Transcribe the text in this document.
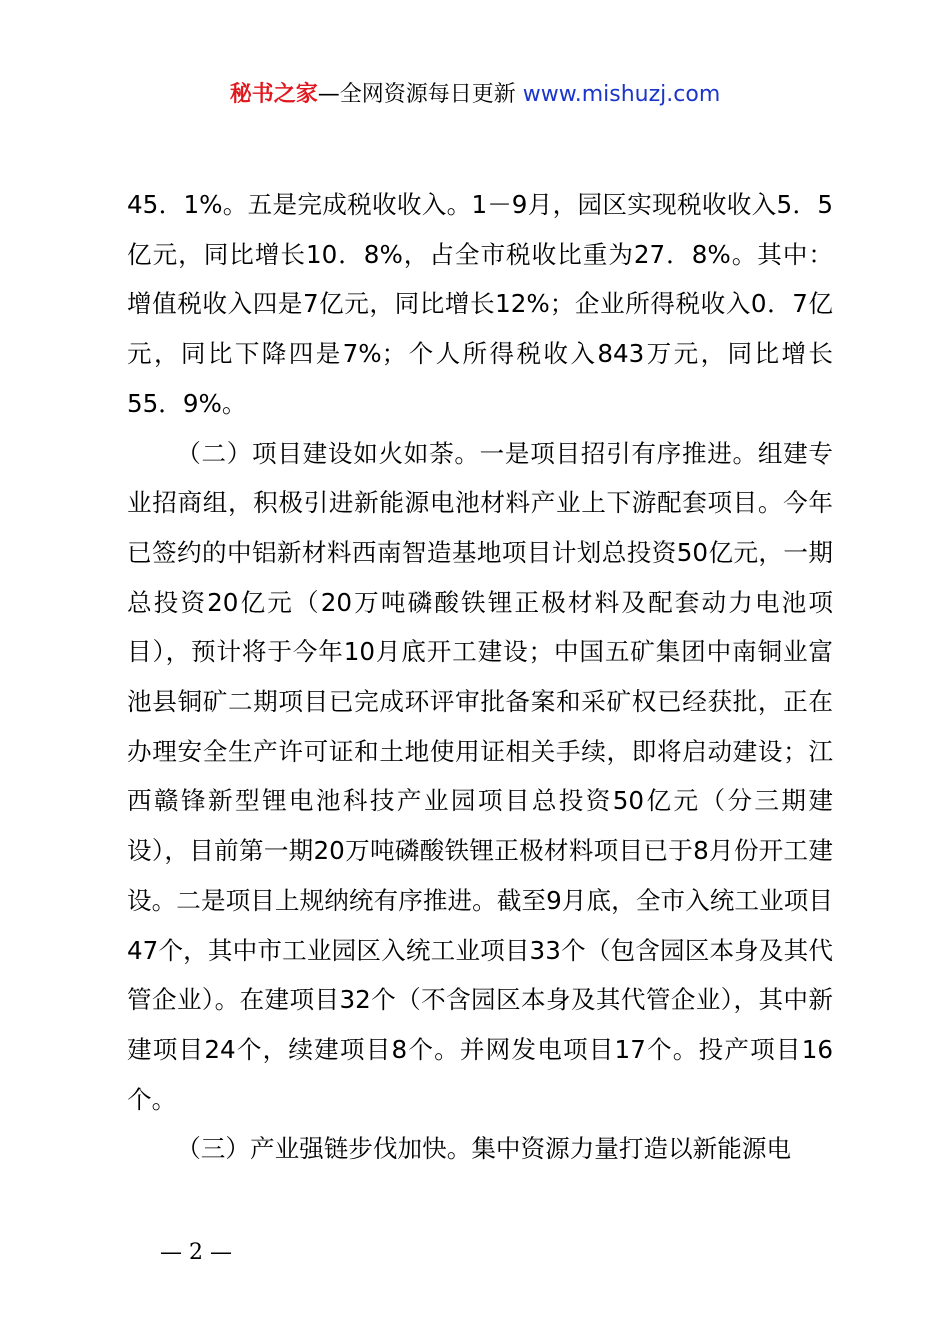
秘书之家—全网资源每日更新 www.mishuzj.com

45．1%。五是完成税收收入。1－9月，园区实现税收收入5．5亿元，同比增长10．8%，占全市税收比重为27．8%。其中：增值税收入四是7亿元，同比增长12%；企业所得税收入0．7亿元，同比下降四是7%；个人所得税收入843万元，同比增长55．9%。

（二）项目建设如火如荼。一是项目招引有序推进。组建专业招商组，积极引进新能源电池材料产业上下游配套项目。今年已签约的中铝新材料西南智造基地项目计划总投资50亿元，一期总投资20亿元（20万吨磷酸铁锂正极材料及配套动力电池项目），预计将于今年10月底开工建设；中国五矿集团中南铜业富池县铜矿二期项目已完成环评审批备案和采矿权已经获批，正在办理安全生产许可证和土地使用证相关手续，即将启动建设；江西赣锋新型锂电池科技产业园项目总投资50亿元（分三期建设），目前第一期20万吨磷酸铁锂正极材料项目已于8月份开工建设。二是项目上规纳统有序推进。截至9月底，全市入统工业项目47个，其中市工业园区入统工业项目33个（包含园区本身及其代管企业）。在建项目32个（不含园区本身及其代管企业），其中新建项目24个，续建项目8个。并网发电项目17个。投产项目16个。

（三）产业强链步伐加快。集中资源力量打造以新能源电

— 2 —
